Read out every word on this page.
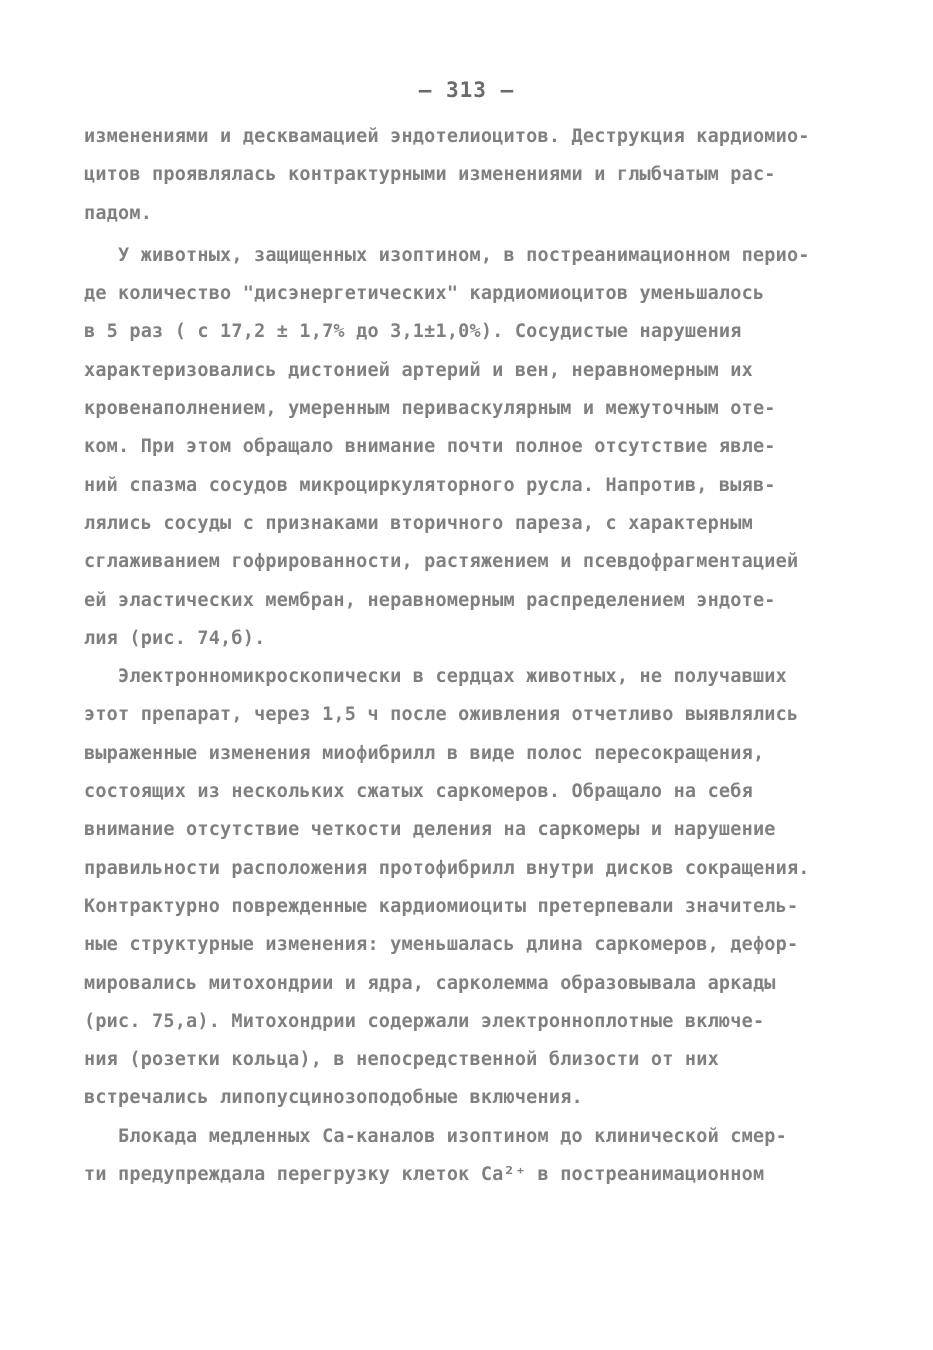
– 313 –
изменениями и десквамацией эндотелиоцитов. Деструкция кардиомио-
цитов проявлялась контрактурными изменениями и глыбчатым рас-
падом.
У животных, защищенных изоптином, в постреанимационном перио-
де количество "дисэнергетических" кардиомиоцитов уменьшалось
в 5 раз ( с 17,2 ± 1,7% до 3,1±1,0%). Сосудистые нарушения
характеризовались дистонией артерий и вен, неравномерным их
кровенаполнением, умеренным периваскулярным и межуточным оте-
ком. При этом обращало внимание почти полное отсутствие явле-
ний спазма сосудов микроциркуляторного русла. Напротив, выяв-
лялись сосуды с признаками вторичного пареза, с характерным
сглаживанием гофрированности, растяжением и псевдофрагментацией
ей эластических мембран, неравномерным распределением эндоте-
лия (рис. 74,б).
Электронномикроскопически в сердцах животных, не получавших
этот препарат, через 1,5 ч после оживления отчетливо выявлялись
выраженные изменения миофибрилл в виде полос пересокращения,
состоящих из нескольких сжатых саркомеров. Обращало на себя
внимание отсутствие четкости деления на саркомеры и нарушение
правильности расположения протофибрилл внутри дисков сокращения.
Контрактурно поврежденные кардиомиоциты претерпевали значитель-
ные структурные изменения: уменьшалась длина саркомеров, дефор-
мировались митохондрии и ядра, сарколемма образовывала аркады
(рис. 75,а). Митохондрии содержали электронноплотные включе-
ния (розетки кольца), в непосредственной близости от них
встречались липопусцинозоподобные включения.
Блокада медленных Са-каналов изоптином до клинической смер-
ти предупреждала перегрузку клеток Са²⁺ в постреанимационном
